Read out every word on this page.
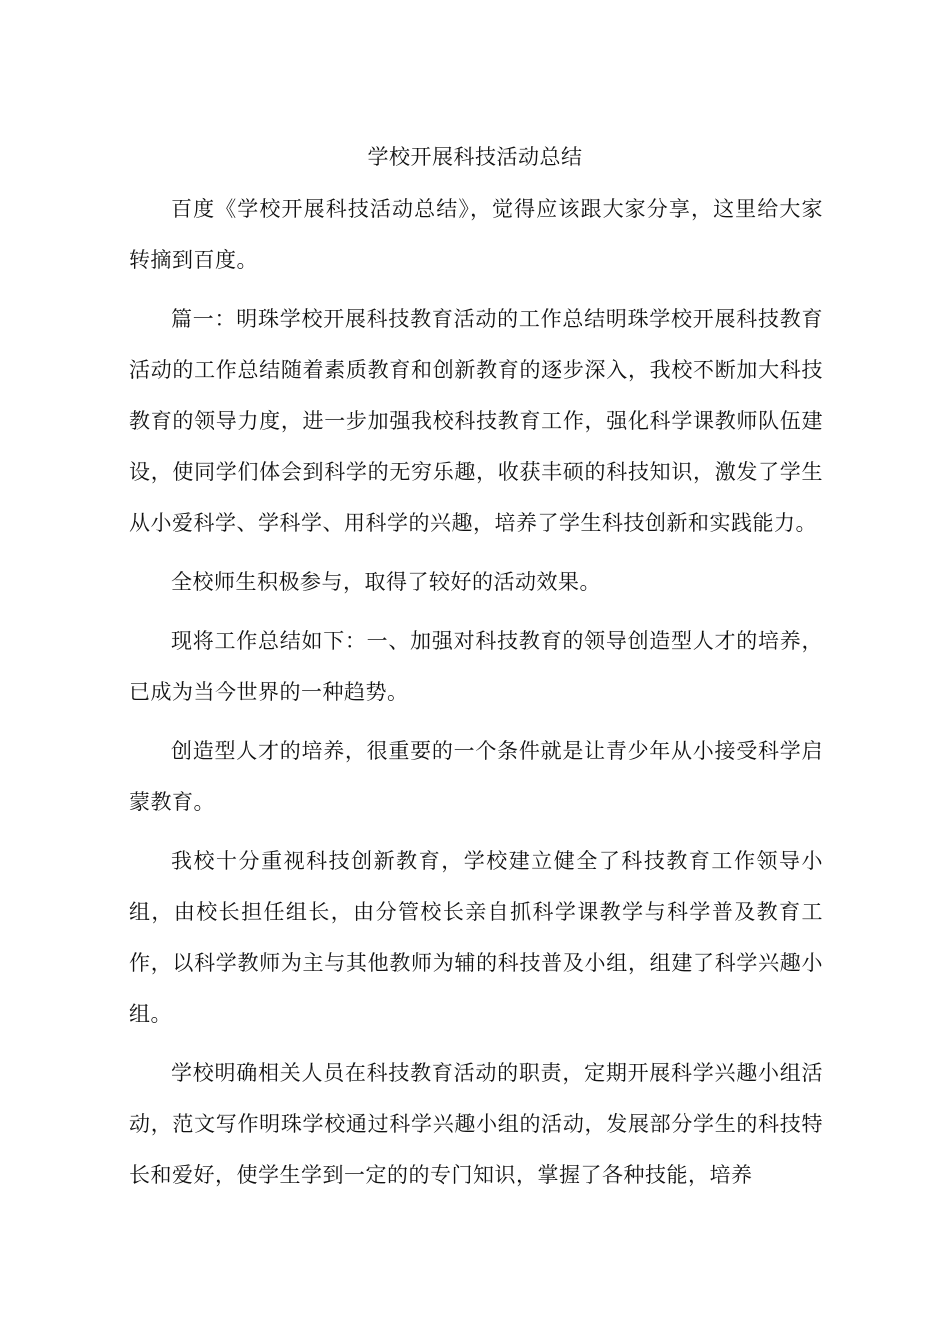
学校开展科技活动总结

百度《学校开展科技活动总结》，觉得应该跟大家分享，这里给大家转摘到百度。

篇一：明珠学校开展科技教育活动的工作总结明珠学校开展科技教育活动的工作总结随着素质教育和创新教育的逐步深入，我校不断加大科技教育的领导力度，进一步加强我校科技教育工作，强化科学课教师队伍建设，使同学们体会到科学的无穷乐趣，收获丰硕的科技知识，激发了学生从小爱科学、学科学、用科学的兴趣，培养了学生科技创新和实践能力。

全校师生积极参与，取得了较好的活动效果。

现将工作总结如下：一、加强对科技教育的领导创造型人才的培养，已成为当今世界的一种趋势。

创造型人才的培养，很重要的一个条件就是让青少年从小接受科学启蒙教育。

我校十分重视科技创新教育，学校建立健全了科技教育工作领导小组，由校长担任组长，由分管校长亲自抓科学课教学与科学普及教育工作，以科学教师为主与其他教师为辅的科技普及小组，组建了科学兴趣小组。

学校明确相关人员在科技教育活动的职责，定期开展科学兴趣小组活动，范文写作明珠学校通过科学兴趣小组的活动，发展部分学生的科技特长和爱好，使学生学到一定的的专门知识，掌握了各种技能，培养
